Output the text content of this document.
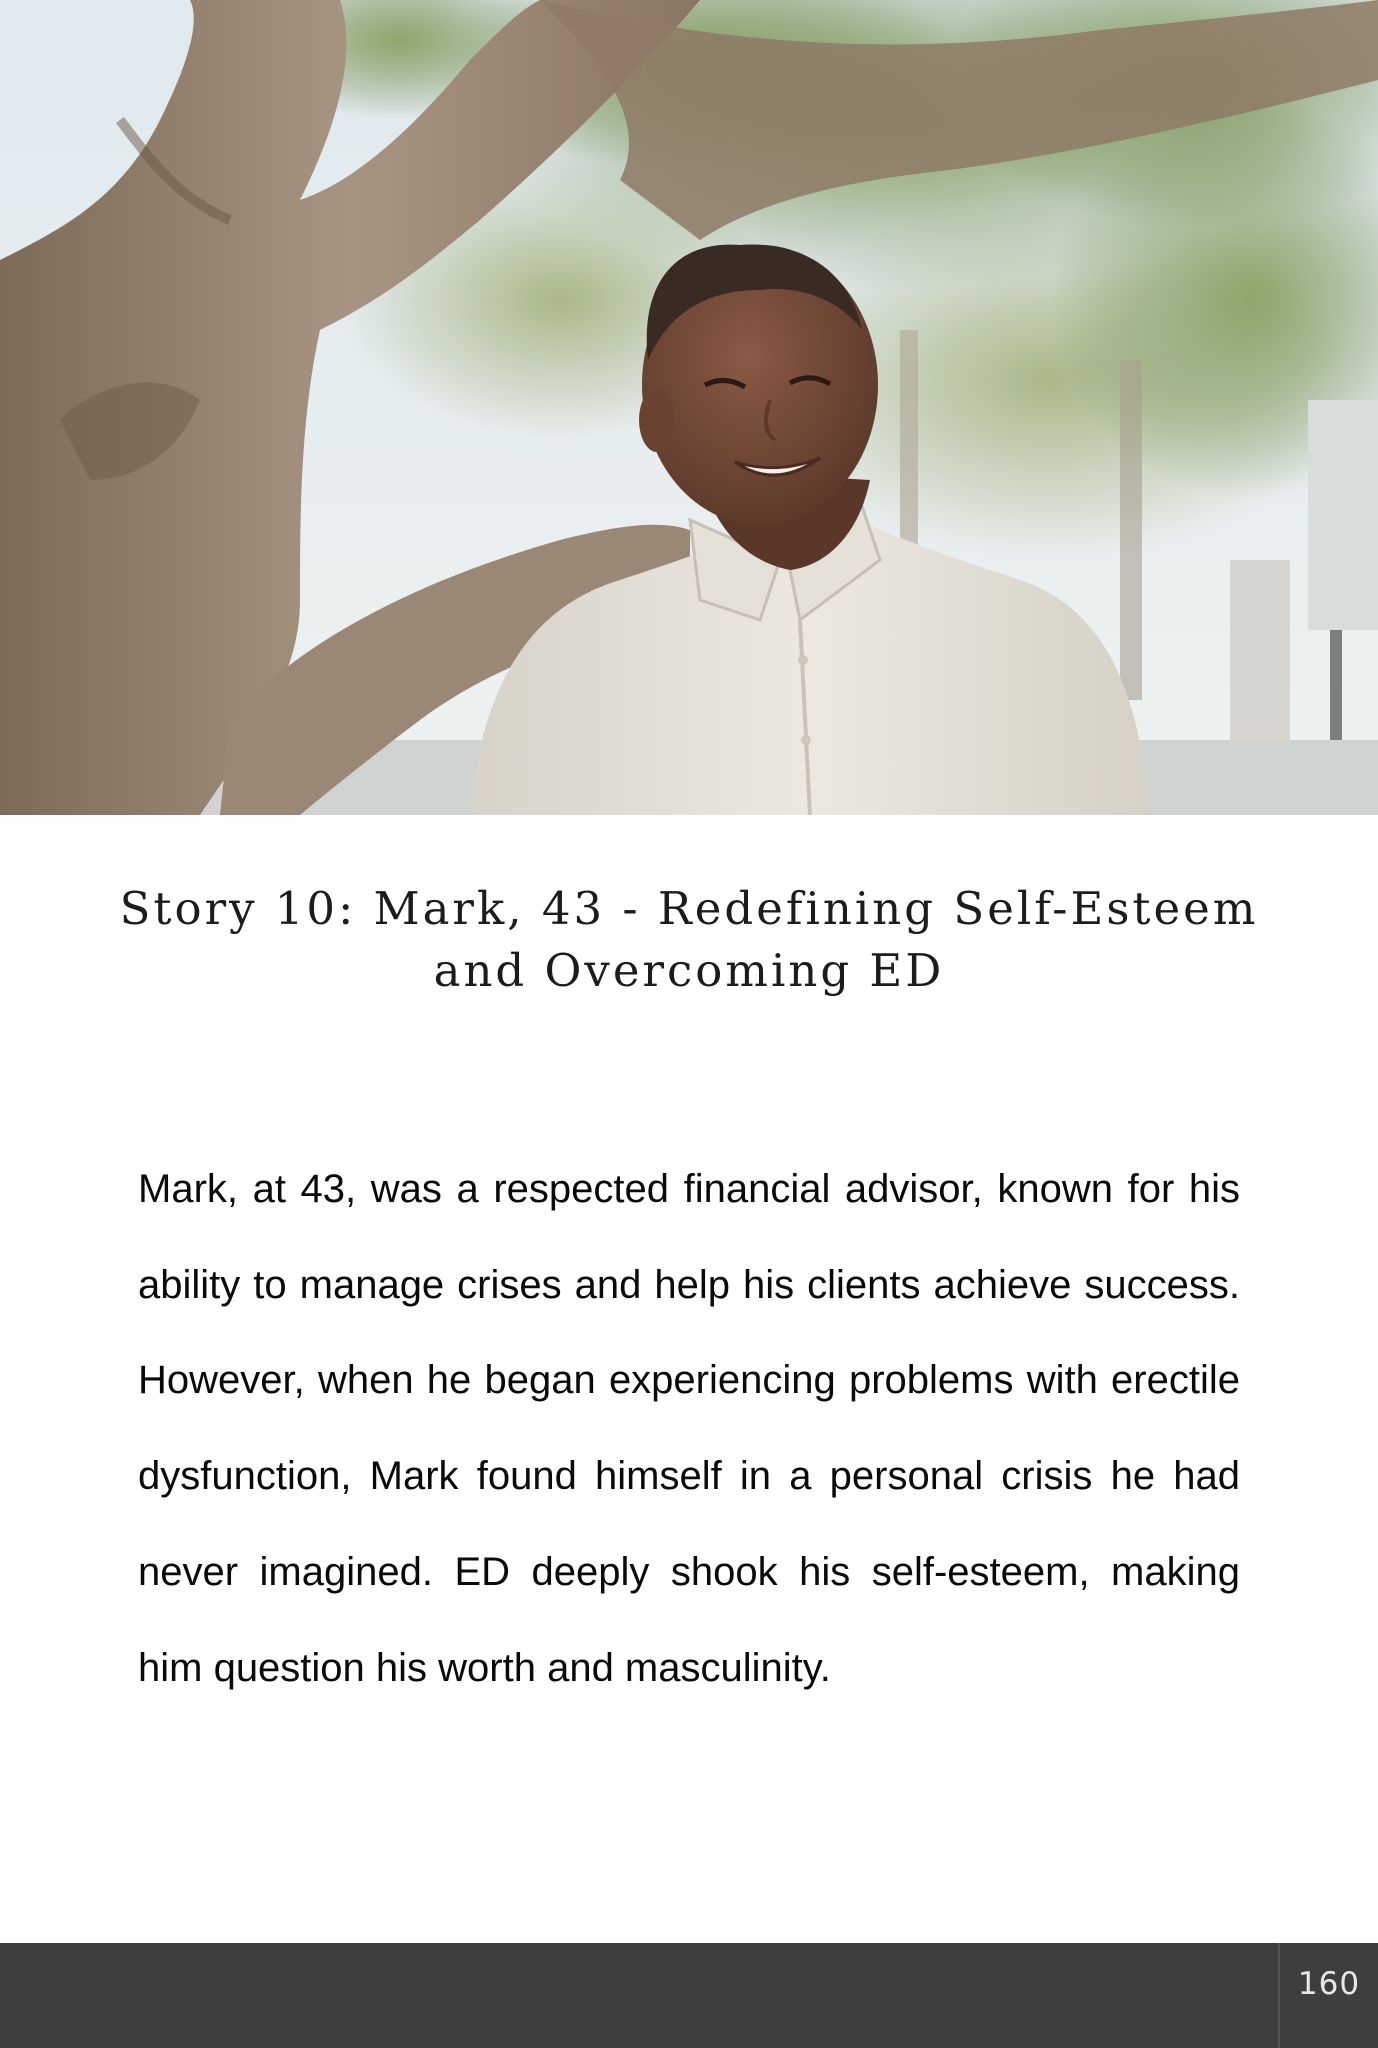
Story 10: Mark, 43 - Redefining Self-Esteem
and Overcoming ED

Mark, at 43, was a respected financial advisor, known for his ability to manage crises and help his clients achieve success. However, when he began experiencing problems with erectile dysfunction, Mark found himself in a personal crisis he had never imagined. ED deeply shook his self-esteem, making him question his worth and masculinity.

160
